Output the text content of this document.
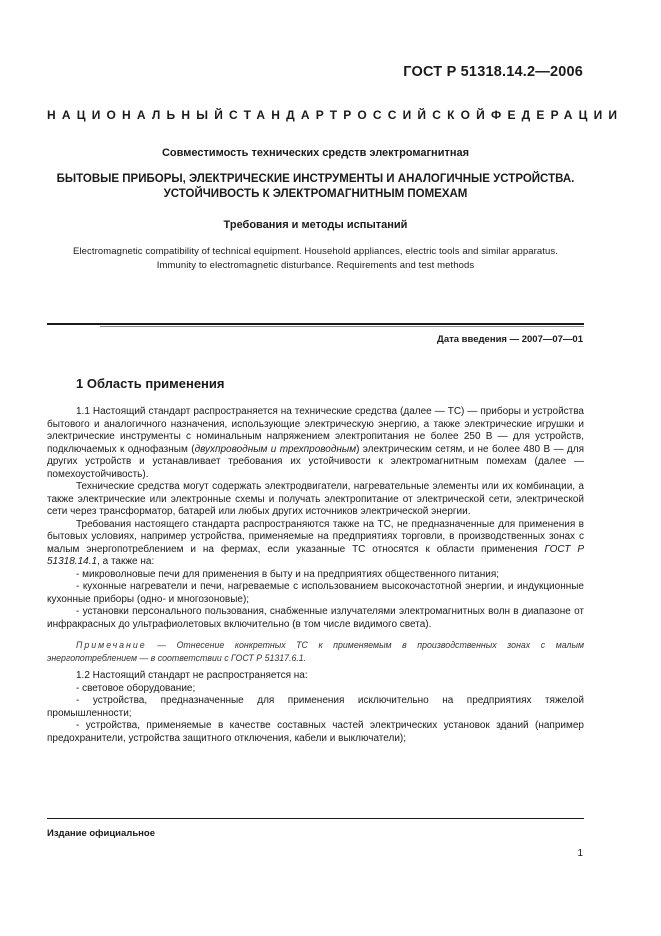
ГОСТ Р 51318.14.2—2006
НАЦИОНАЛЬНЫЙ СТАНДАРТ РОССИЙСКОЙ ФЕДЕРАЦИИ
Совместимость технических средств электромагнитная
БЫТОВЫЕ ПРИБОРЫ, ЭЛЕКТРИЧЕСКИЕ ИНСТРУМЕНТЫ И АНАЛОГИЧНЫЕ УСТРОЙСТВА.
УСТОЙЧИВОСТЬ К ЭЛЕКТРОМАГНИТНЫМ ПОМЕХАМ
Требования и методы испытаний
Electromagnetic compatibility of technical equipment. Household appliances, electric tools and similar apparatus.
Immunity to electromagnetic disturbance. Requirements and test methods
Дата введения — 2007—07—01
1 Область применения

1.1 Настоящий стандарт распространяется на технические средства (далее — ТС) — приборы и устройства бытового и аналогичного назначения, использующие электрическую энергию, а также электрические игрушки и электрические инструменты с номинальным напряжением электропитания не более 250 В — для устройств, подключаемых к однофазным (двухпроводным и трехпроводным) электрическим сетям, и не более 480 В — для других устройств и устанавливает требования их устойчивости к электромагнитным помехам (далее — помехоустойчивость).

Технические средства могут содержать электродвигатели, нагревательные элементы или их комбинации, а также электрические или электронные схемы и получать электропитание от электрической сети, электрической сети через трансформатор, батарей или любых других источников электрической энергии.

Требования настоящего стандарта распространяются также на ТС, не предназначенные для применения в бытовых условиях, например устройства, применяемые на предприятиях торговли, в производственных зонах с малым энергопотреблением и на фермах, если указанные ТС относятся к области применения ГОСТ Р 51318.14.1, а также на:

- микроволновые печи для применения в быту и на предприятиях общественного питания;

- кухонные нагреватели и печи, нагреваемые с использованием высокочастотной энергии, и индукционные кухонные приборы (одно- и многозоновые);

- установки персонального пользования, снабженные излучателями электромагнитных волн в диапазоне от инфракрасных до ультрафиолетовых включительно (в том числе видимого света).

Примечание — Отнесение конкретных ТС к применяемым в производственных зонах с малым энергопотреблением — в соответствии с ГОСТ Р 51317.6.1.

1.2 Настоящий стандарт не распространяется на:

- световое оборудование;

- устройства, предназначенные для применения исключительно на предприятиях тяжелой промышленности;

- устройства, применяемые в качестве составных частей электрических установок зданий (например предохранители, устройства защитного отключения, кабели и выключатели);

Издание официальное
1
